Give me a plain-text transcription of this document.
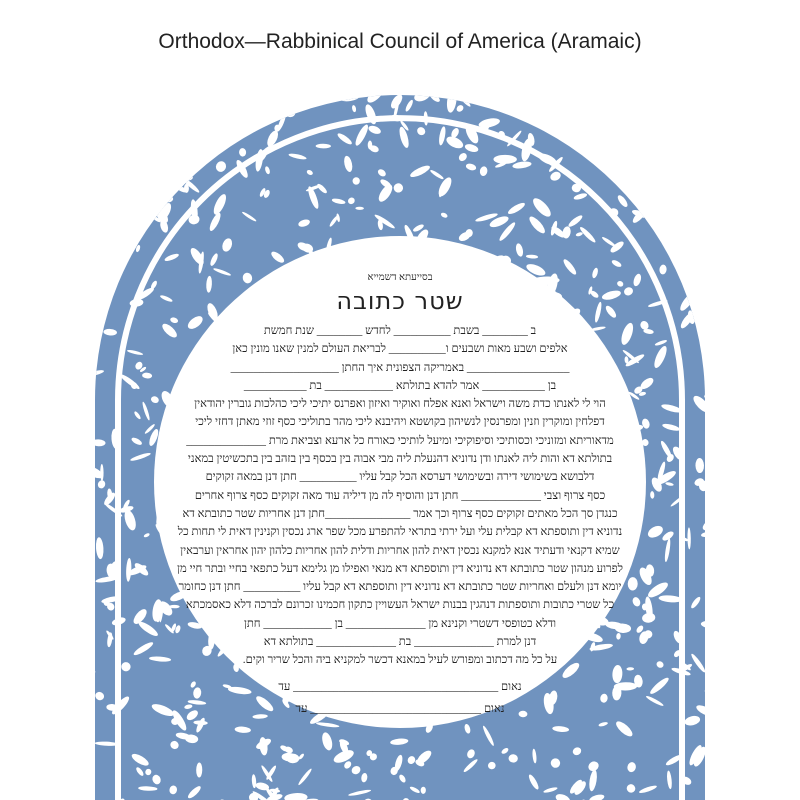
Orthodox—Rabbinical Council of America (Aramaic)
בסייעתא דשמייא
שטר כתובה
ב ________ בשבת __________ לחדש ________ שנת חמשת
אלפים ושבע מאות ושבעים ו__________ לבריאת העולם למנין שאנו מונין כאן
__________________ באמריקה הצפונית איך החתן ___________________
בן ___________ אמר להדא בתולתא ____________ בת ___________
הוי לי לאנתו כדת משה וישראל ואנא אפלח ואוקיר ואיזון ואפרנס יתיכי ליכי כהלכות גוברין יהודאין
דפלחין ומוקרין וזנין ומפרנסין לנשיהון בקושטא ויהיבנא ליכי מהר בתוליכי כסף זוזי מאתן דחזי ליכי
מדאוריתא ומזוניכי וכסותיכי וסיפוקיכי ומיעל לותיכי כאורח כל ארעא וצביאת מרת ______________
בתולתא דא והות ליה לאנתו ודן נדוניא דהנעלת ליה מבי אבוה בין בכסף בין בזהב בין בתכשיטין במאני
דלבושא בשימושי דירה ובשימושי דערסא הכל קבל עליו __________ חתן דנן במאה זקוקים
כסף צרוף וצבי ______________ חתן דנן והוסיף לה מן דיליה עוד מאה זקוקים כסף צרוף אחרים
כנגדן סך הכל מאתים זקוקים כסף צרוף וכך אמר _______________חתן דנן אחריות שטר כתובתא דא
נדוניא דין ותוספתא דא קבלית עלי ועל ירתי בתראי להתפרע מכל שפר ארג נכסין וקנינין דאית לי תחות כל
שמיא דקנאי ודעתיד אנא למקנא נכסין דאית להון אחריות ודלית להון אחריות כלהון יהון אחראין וערבאין
לפרוע מנהון שטר כתובתא דא נדוניא דין ותוספתא דא מנאי ואפילו מן גלימא דעל כתפאי בחיי ובתר חיי מן
יומא דנן ולעלם ואחריות שטר כתובתא דא נדוניא דין ותוספתא דא קבל עליו __________ חתן דנן כחומר
כל שטרי כתובות ותוספתות דנהגין בבנות ישראל העשויין כתקון חכמינו זכרונם לברכה דלא כאסמכתא
ודלא כטופסי דשטרי וקנינא מן ______________ בן ____________ חתן
דנן למרת ______________ בת ______________ בתולתא דא
על כל מה דכתוב ומפורש לעיל במאנא דכשר למקניא ביה והכל שריר וקים.
נאום ____________________________________ עד
נאום ______________________________ עד
